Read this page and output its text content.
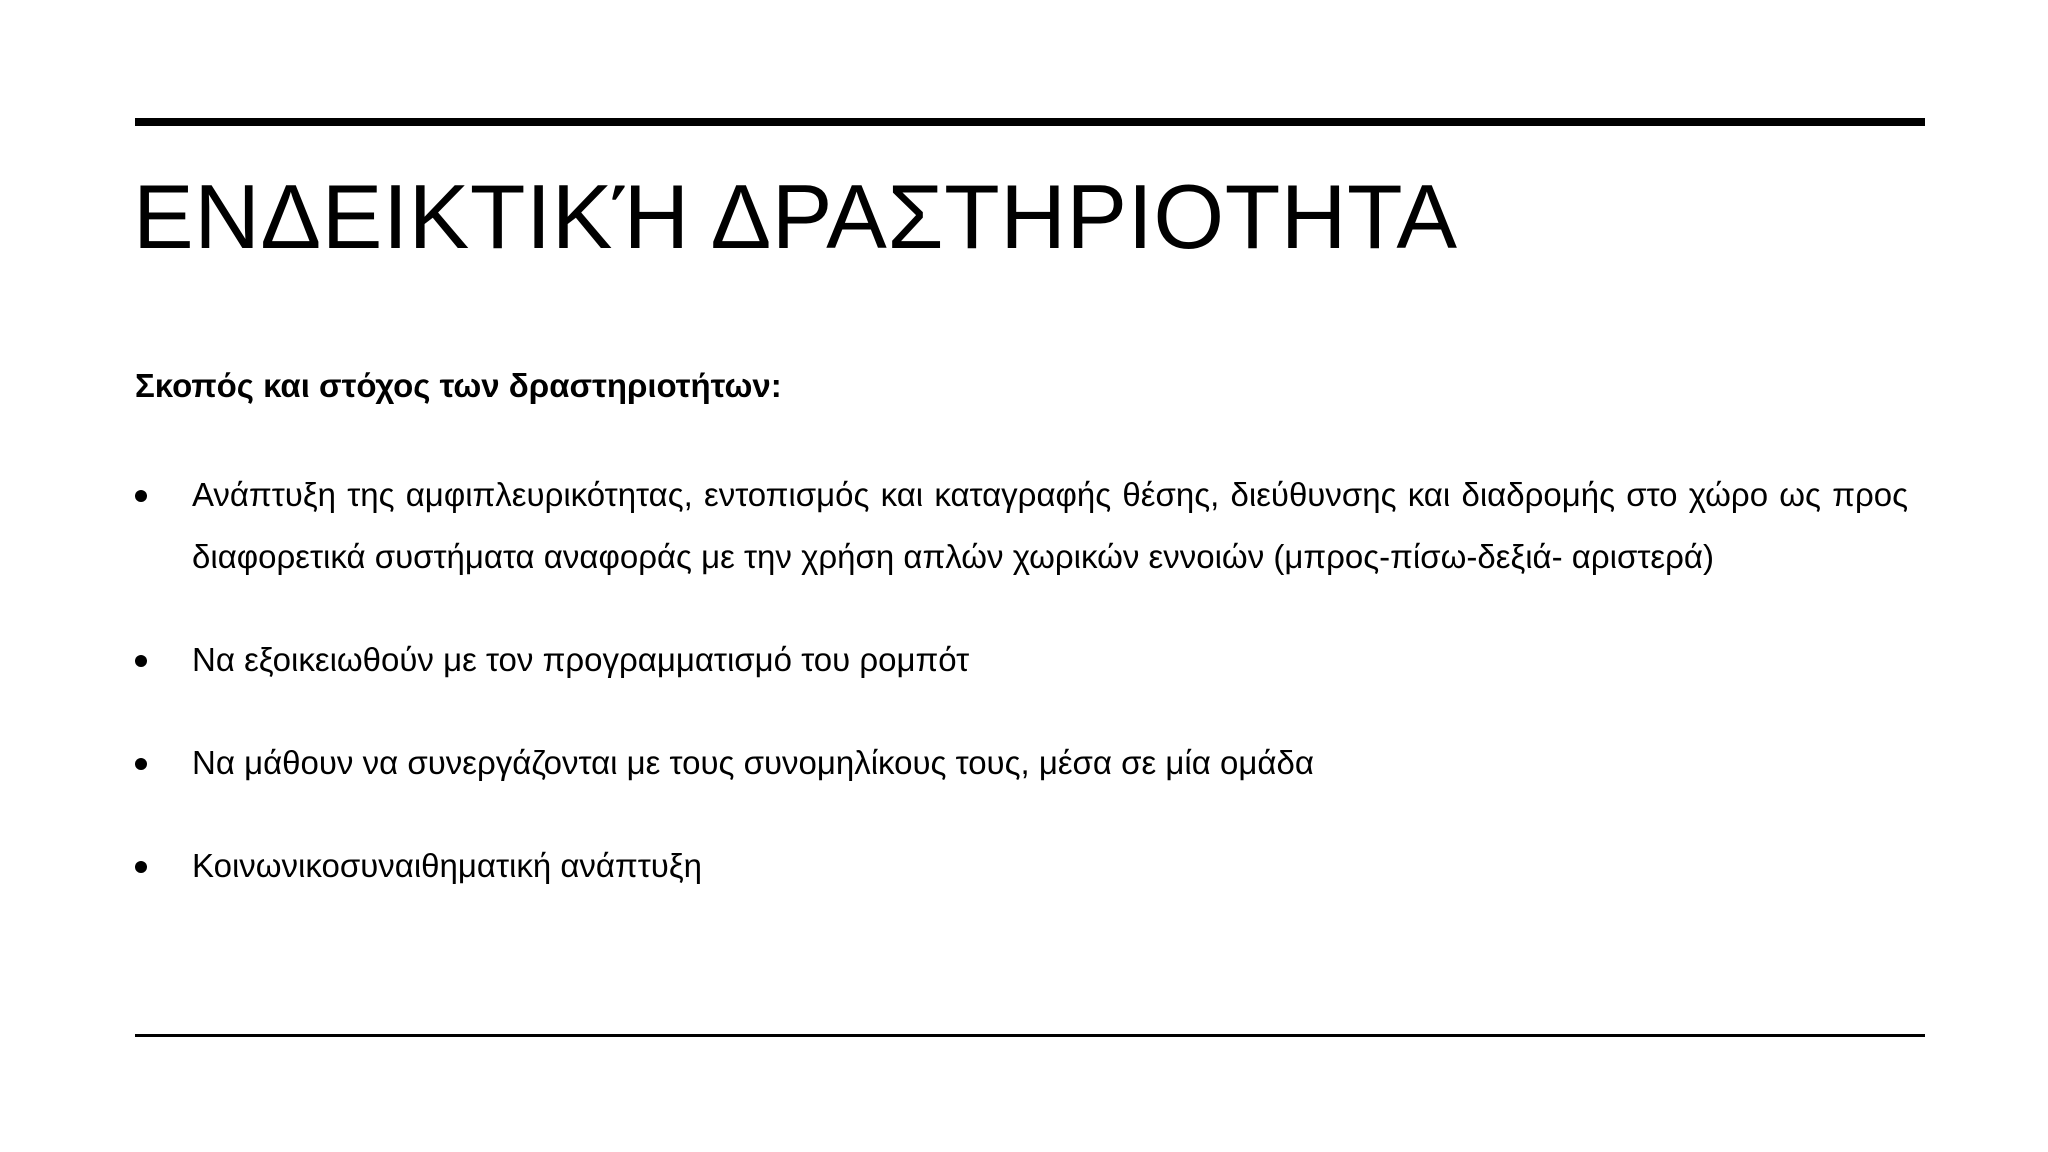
ΕΝΔΕΙΚΤΙΚΉ ΔΡΑΣΤΗΡΙΟΤΗΤΑ

Σκοπός και στόχος των δραστηριοτήτων:

Ανάπτυξη της αμφιπλευρικότητας, εντοπισμός και καταγραφής θέσης, διεύθυνσης και διαδρομής στο χώρο ως προς διαφορετικά συστήματα αναφοράς με την χρήση απλών χωρικών εννοιών (μπρος-πίσω-δεξιά- αριστερά)
Να εξοικειωθούν με τον προγραμματισμό του ρομπότ
Να μάθουν να συνεργάζονται με τους συνομηλίκους τους, μέσα σε μία ομάδα
Κοινωνικοσυναιθηματική ανάπτυξη
